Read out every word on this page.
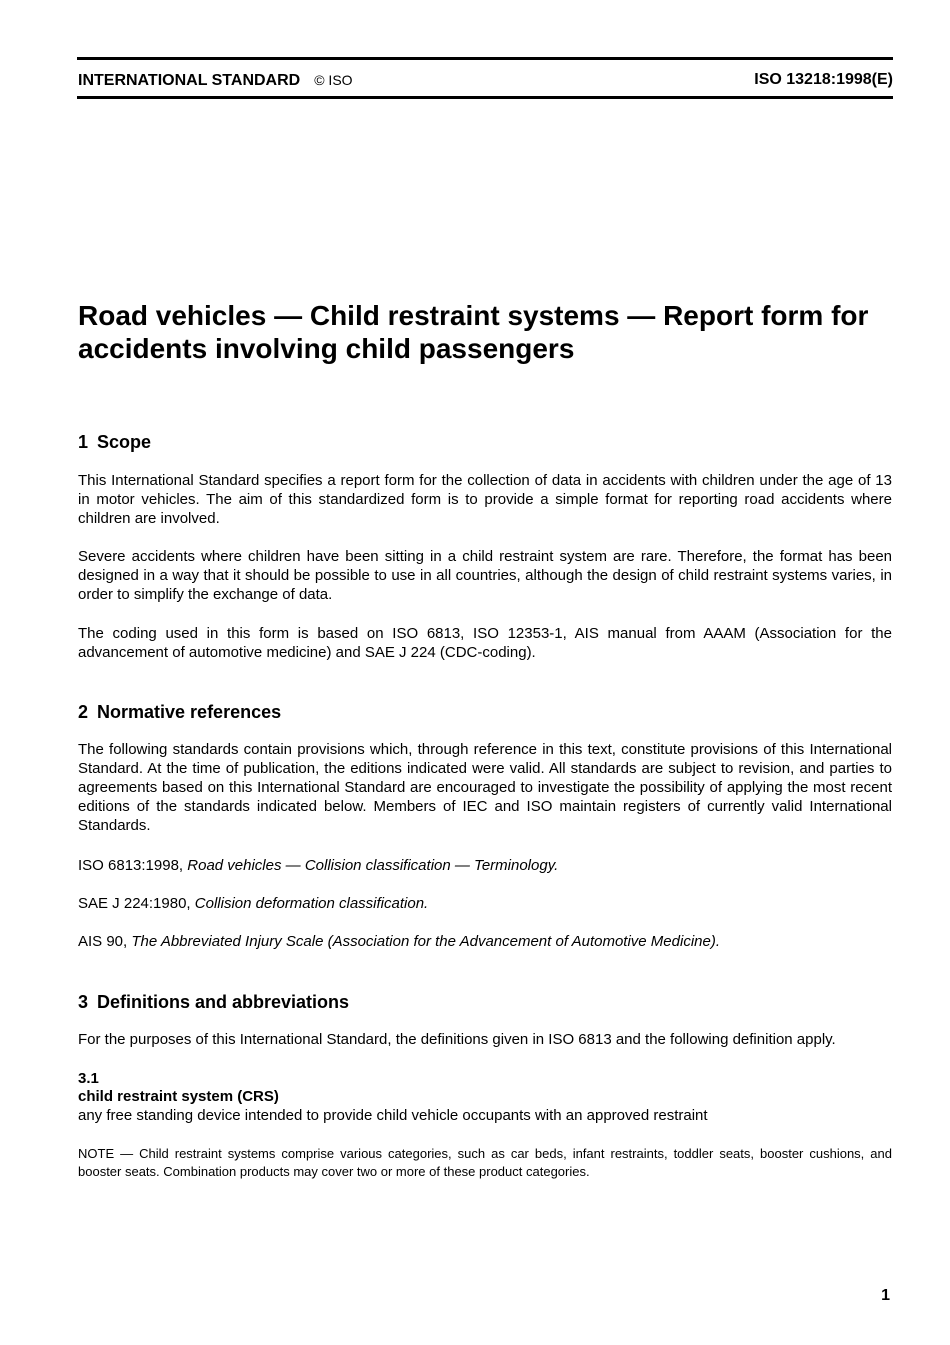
INTERNATIONAL STANDARD © ISO	ISO 13218:1998(E)
Road vehicles — Child restraint systems — Report form for
accidents involving child passengers
1 Scope

This International Standard specifies a report form for the collection of data in accidents with children under the age of 13 in motor vehicles. The aim of this standardized form is to provide a simple format for reporting road accidents where children are involved.

Severe accidents where children have been sitting in a child restraint system are rare. Therefore, the format has been designed in a way that it should be possible to use in all countries, although the design of child restraint systems varies, in order to simplify the exchange of data.

The coding used in this form is based on ISO 6813, ISO 12353-1, AIS manual from AAAM (Association for the advancement of automotive medicine) and SAE J 224 (CDC-coding).

2 Normative references

The following standards contain provisions which, through reference in this text, constitute provisions of this International Standard. At the time of publication, the editions indicated were valid. All standards are subject to revision, and parties to agreements based on this International Standard are encouraged to investigate the possibility of applying the most recent editions of the standards indicated below. Members of IEC and ISO maintain registers of currently valid International Standards.

ISO 6813:1998, Road vehicles — Collision classification — Terminology.

SAE J 224:1980, Collision deformation classification.

AIS 90, The Abbreviated Injury Scale (Association for the Advancement of Automotive Medicine).

3 Definitions and abbreviations

For the purposes of this International Standard, the definitions given in ISO 6813 and the following definition apply.

3.1

child restraint system (CRS)

any free standing device intended to provide child vehicle occupants with an approved restraint

NOTE — Child restraint systems comprise various categories, such as car beds, infant restraints, toddler seats, booster cushions, and booster seats. Combination products may cover two or more of these product categories.
1
